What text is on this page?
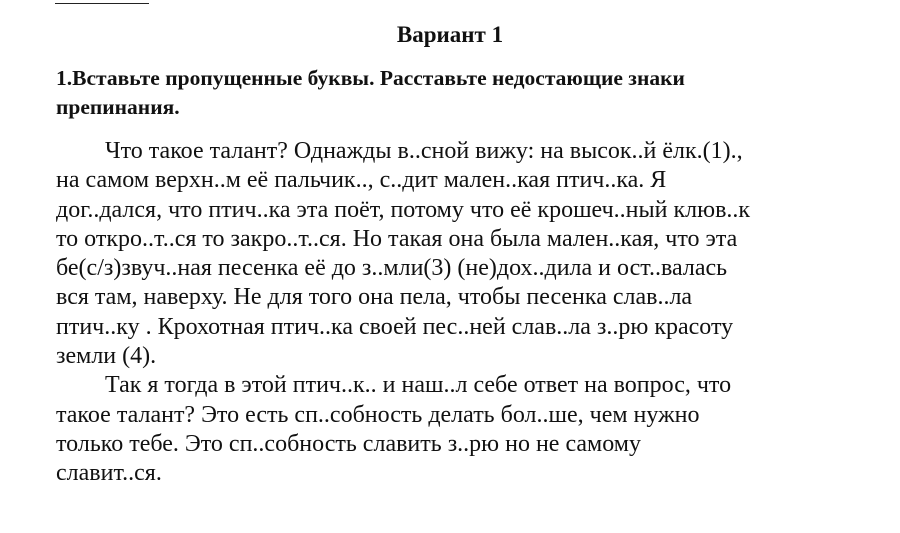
Вариант 1
1.Вставьте пропущенные буквы. Расставьте недостающие знаки
препинания.
Что такое талант? Однажды в..сной вижу: на высок..й ёлк.(1).,
на самом верхн..м её пальчик.., с..дит мален..кая птич..ка. Я
дог..дался, что птич..ка эта поёт, потому что её крошеч..ный клюв..к
то откро..т..ся то закро..т..ся. Но такая она была мален..кая, что эта
бе(с/з)звуч..ная песенка её до з..мли(3) (не)дох..дила и ост..валась
вся там, наверху. Не для того она пела, чтобы песенка слав..ла
птич..ку . Крохотная птич..ка своей пес..ней слав..ла з..рю красоту
земли (4).
Так я тогда в этой птич..к.. и наш..л себе ответ на вопрос, что
такое талант? Это есть сп..собность делать бол..ше, чем нужно
только тебе. Это сп..собность славить з..рю но не самому
славит..ся.
